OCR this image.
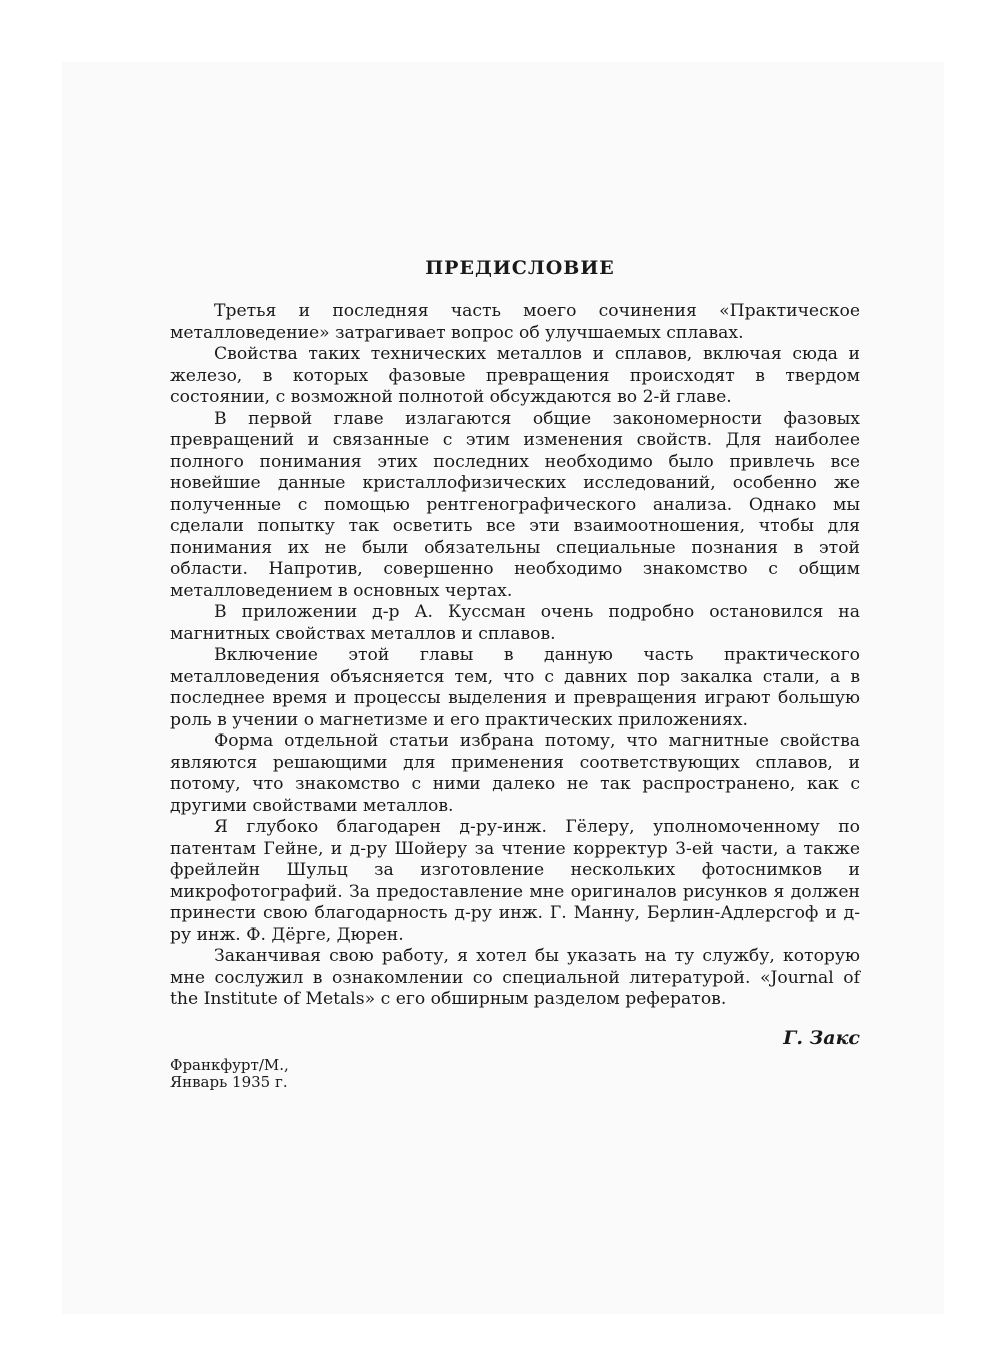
ПРЕДИСЛОВИЕ

Третья и последняя часть моего сочинения «Практическое металловедение» затрагивает вопрос об улучшаемых сплавах.

Свойства таких технических металлов и сплавов, включая сюда и железо, в которых фазовые превращения происходят в твердом состоянии, с возможной полнотой обсуждаются во 2-й главе.

В первой главе излагаются общие закономерности фазовых превращений и связанные с этим изменения свойств. Для наиболее полного понимания этих последних необходимо было привлечь все новейшие данные кристаллофизических исследований, особенно же полученные с помощью рентгенографического анализа. Однако мы сделали попытку так осветить все эти взаимоотношения, чтобы для понимания их не были обязательны специальные познания в этой области. Напротив, совершенно необходимо знакомство с общим металловедением в основных чертах.

В приложении д-р А. Куссман очень подробно остановился на магнитных свойствах металлов и сплавов.

Включение этой главы в данную часть практического металловедения объясняется тем, что с давних пор закалка стали, а в последнее время и процессы выделения и превращения играют большую роль в учении о магнетизме и его практических приложениях.

Форма отдельной статьи избрана потому, что магнитные свойства являются решающими для применения соответствующих сплавов, и потому, что знакомство с ними далеко не так распространено, как с другими свойствами металлов.

Я глубоко благодарен д-ру-инж. Гёлеру, уполномоченному по патентам Гейне, и д-ру Шойеру за чтение корректур 3-ей части, а также фрейлейн Шульц за изготовление нескольких фотоснимков и микрофотографий. За предоставление мне оригиналов рисунков я должен принести свою благодарность д-ру инж. Г. Манну, Берлин-Адлерсгоф и д-ру инж. Ф. Дёрге, Дюрен.

Заканчивая свою работу, я хотел бы указать на ту службу, которую мне сослужил в ознакомлении со специальной литературой. «Journal of the Institute of Metals» с его обширным разделом рефератов.

Г. Закс
Франкфурт/М.,
Январь 1935 г.
